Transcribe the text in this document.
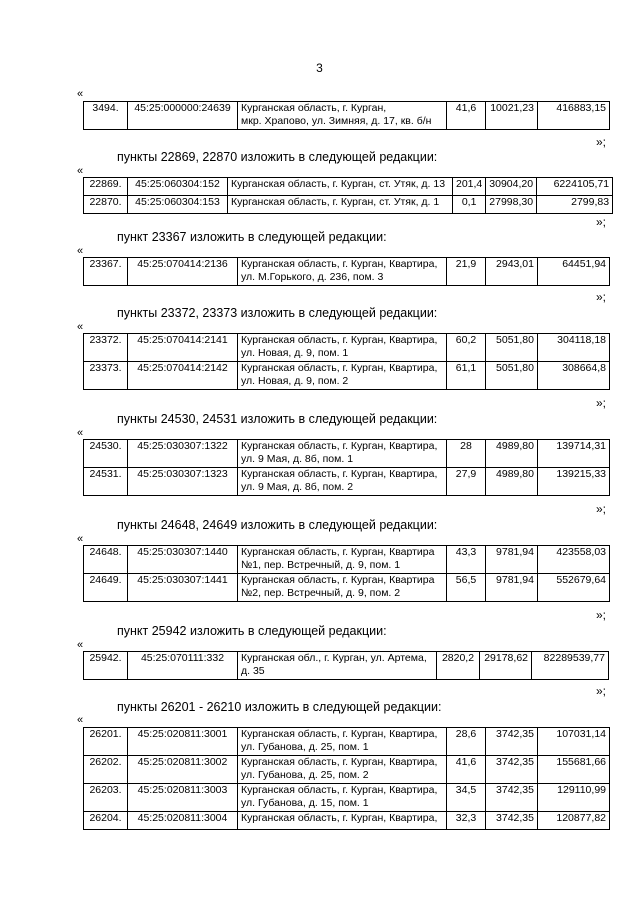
3
«
3494.	45:25:000000:24639	Курганская область, г. Курган,
мкр. Храпово, ул. Зимняя, д. 17, кв. б/н
	41,6	10021,23	416883,15
»;
пункты 22869, 22870 изложить в следующей редакции:
«
22869.	45:25:060304:152	Курганская область, г. Курган, ст. Утяк, д. 13	201,4	30904,20	6224105,71
22870.	45:25:060304:153	Курганская область, г. Курган, ст. Утяк, д. 1	0,1	27998,30	2799,83
»;
пункт 23367 изложить в следующей редакции:
«
23367.	45:25:070414:2136	Курганская область, г. Курган, Квартира,
ул. М.Горького, д. 236, пом. 3
	21,9	2943,01	64451,94
»;
пункты 23372, 23373 изложить в следующей редакции:
«
23372.	45:25:070414:2141	Курганская область, г. Курган, Квартира,
ул. Новая, д. 9, пом. 1	60,2	5051,80	304118,18
23373.	45:25:070414:2142	Курганская область, г. Курган, Квартира,
ул. Новая, д. 9, пом. 2	61,1	5051,80	308664,8
»;
пункты 24530, 24531 изложить в следующей редакции:
«
24530.	45:25:030307:1322	Курганская область, г. Курган, Квартира,
ул. 9 Мая, д. 8б, пом. 1	28	4989,80	139714,31
24531.	45:25:030307:1323	Курганская область, г. Курган, Квартира,
ул. 9 Мая, д. 8б, пом. 2	27,9	4989,80	139215,33
»;
пункты 24648, 24649 изложить в следующей редакции:
«
24648.	45:25:030307:1440	Курганская область, г. Курган, Квартира
№1, пер. Встречный, д. 9, пом. 1	43,3	9781,94	423558,03
24649.	45:25:030307:1441	Курганская область, г. Курган, Квартира
№2, пер. Встречный, д. 9, пом. 2	56,5	9781,94	552679,64
»;
пункт 25942 изложить в следующей редакции:
«
25942.	45:25:070111:332	Курганская обл., г. Курган, ул. Артема,
д. 35
	2820,2	29178,62	82289539,77
»;
пункты 26201 - 26210 изложить в следующей редакции:
«
26201.	45:25:020811:3001	Курганская область, г. Курган, Квартира,
ул. Губанова, д. 25, пом. 1	28,6	3742,35	107031,14
26202.	45:25:020811:3002	Курганская область, г. Курган, Квартира,
ул. Губанова, д. 25, пом. 2	41,6	3742,35	155681,66
26203.	45:25:020811:3003	Курганская область, г. Курган, Квартира,
ул. Губанова, д. 15, пом. 1	34,5	3742,35	129110,99
26204.	45:25:020811:3004	Курганская область, г. Курган, Квартира,	32,3	3742,35	120877,82
